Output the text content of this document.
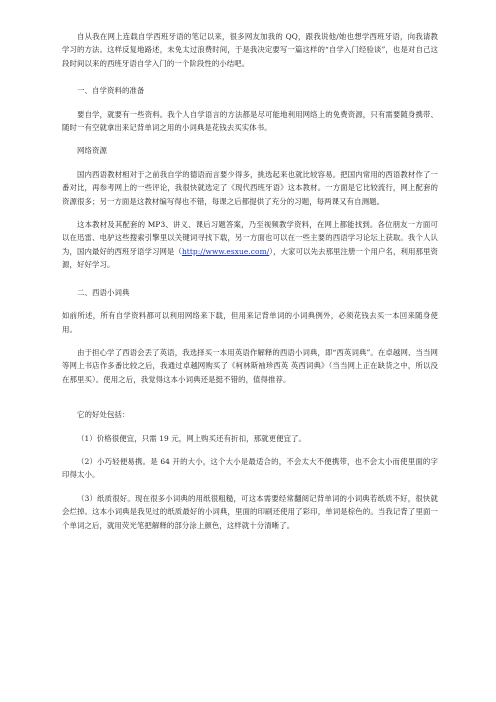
自从我在网上连载自学西班牙语的笔记以来，很多网友加我的 QQ，跟我说他/她也想学西班牙语，向我请教学习的方法。这样反复地路述，未免太过浪费时间，于是我决定要写一篇这样的“自学入门经验谈”，也是对自己这段时间以来的西班牙语自学入门的一个阶段性的小结吧。

一、自学资料的准备

要自学，就要有一些资料。我个人自学语言的方法都是尽可能地利用网络上的免费资源，只有需要随身携带、随时一有空就拿出来记背单词之用的小词典是花钱去买实体书。

网络资源

国内西语教材相对于之前我自学的德语而言要少得多，挑选起来也就比较容易。把国内常用的西语教材作了一番对比，再参考网上的一些评论，我很快就选定了《现代西班牙语》这本教材。一方面是它比较流行，网上配套的资源很多；另一方面是这教材编写得也不错，每课之后都提供了充分的习题，每两课又有自测题。

这本教材及其配套的 MP3、讲义、课后习题答案，乃至视频教学资料，在网上都能找到。各位朋友一方面可以在迅雷、电驴这些搜索引擎里以关键词寻找下载，另一方面也可以在一些主要的西语学习论坛上获取。我个人认为，国内最好的西班牙语学习网是（http://www.esxue.com/），大家可以先去那里注册一个用户名，利用那里资源，好好学习。

二、西语小词典

如前所述，所有自学资料都可以利用网络来下载，但用来记背单词的小词典例外，必须花钱去买一本回来随身使用。

由于担心学了西语会丢了英语，我选择买一本用英语作解释的西语小词典，即“西英词典”。在卓越网、当当网等网上书店作多番比较之后，我通过卓越网购买了《柯林斯袖珍西英 英西词典》（当当网上正在缺货之中，所以没在那里买）。使用之后，我觉得这本小词典还是挺不错的，值得推荐。

它的好处包括：

（1）价格很便宜，只需 19 元，网上购买还有折扣，那就更便宜了。

（2）小巧轻便易携。是 64 开的大小，这个大小是最适合的，不会太大不便携带，也不会太小而使里面的字印得太小。

（3）纸质很好。现在很多小词典的用纸很粗糙，可这本需要经常翻阅记背单词的小词典若纸质不好，很快就会烂掉。这本小词典是我见过的纸质最好的小词典，里面的印刷还使用了彩印，单词是棕色的。当我记背了里面一个单词之后，就用荧光笔把解释的部分涂上颜色，这样就十分清晰了。
